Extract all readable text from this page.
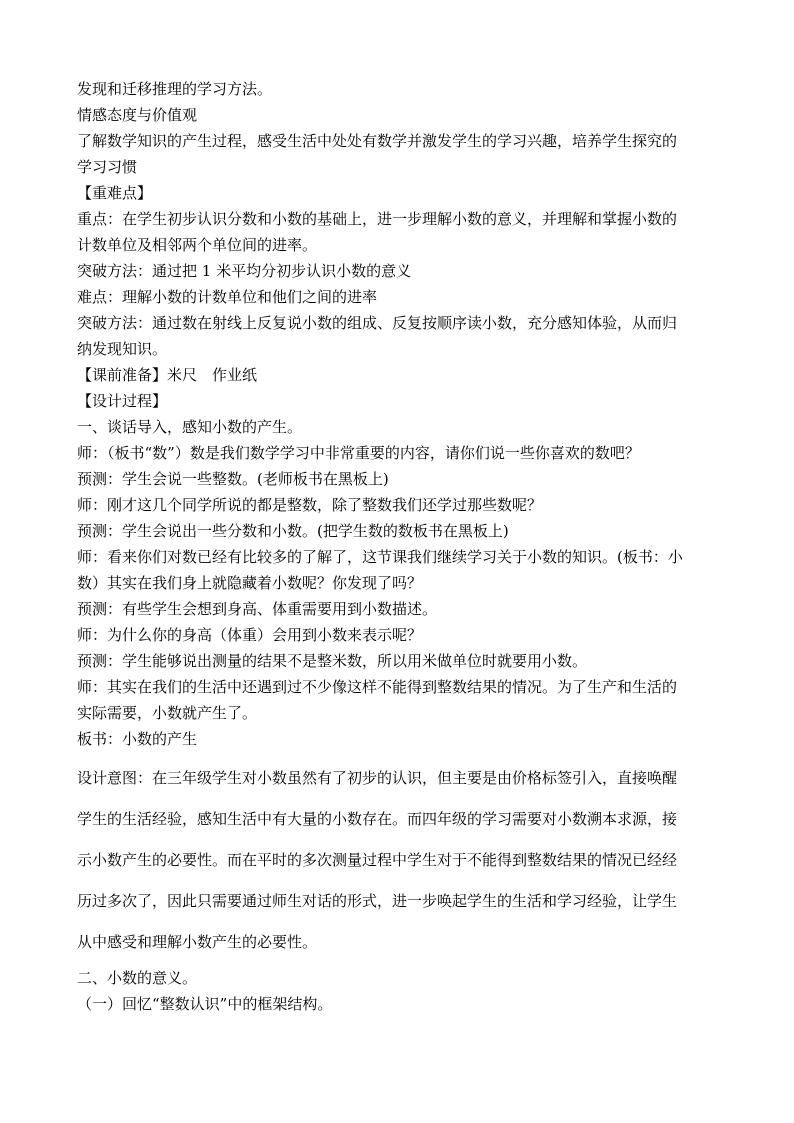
发现和迁移推理的学习方法。
情感态度与价值观
了解数学知识的产生过程，感受生活中处处有数学并激发学生的学习兴趣，培养学生探究的
学习习惯
【重难点】
重点：在学生初步认识分数和小数的基础上，进一步理解小数的意义，并理解和掌握小数的
计数单位及相邻两个单位间的进率。
突破方法：通过把 1 米平均分初步认识小数的意义
难点：理解小数的计数单位和他们之间的进率
突破方法：通过数在射线上反复说小数的组成、反复按顺序读小数，充分感知体验，从而归
纳发现知识。
【课前准备】米尺　作业纸
【设计过程】
一、谈话导入，感知小数的产生。
师：（板书“数”）数是我们数学学习中非常重要的内容，请你们说一些你喜欢的数吧？
预测：学生会说一些整数。(老师板书在黑板上)
师：刚才这几个同学所说的都是整数，除了整数我们还学过那些数呢？
预测：学生会说出一些分数和小数。(把学生数的数板书在黑板上)
师：看来你们对数已经有比较多的了解了，这节课我们继续学习关于小数的知识。(板书：小
数）其实在我们身上就隐藏着小数呢？你发现了吗？
预测：有些学生会想到身高、体重需要用到小数描述。
师：为什么你的身高（体重）会用到小数来表示呢？
预测：学生能够说出测量的结果不是整米数，所以用米做单位时就要用小数。
师：其实在我们的生活中还遇到过不少像这样不能得到整数结果的情况。为了生产和生活的
实际需要，小数就产生了。
板书：小数的产生
设计意图：在三年级学生对小数虽然有了初步的认识，但主要是由价格标签引入，直接唤醒
学生的生活经验，感知生活中有大量的小数存在。而四年级的学习需要对小数溯本求源，接
示小数产生的必要性。而在平时的多次测量过程中学生对于不能得到整数结果的情况已经经
历过多次了，因此只需要通过师生对话的形式，进一步唤起学生的生活和学习经验，让学生
从中感受和理解小数产生的必要性。
二、小数的意义。
（一）回忆“整数认识”中的框架结构。
